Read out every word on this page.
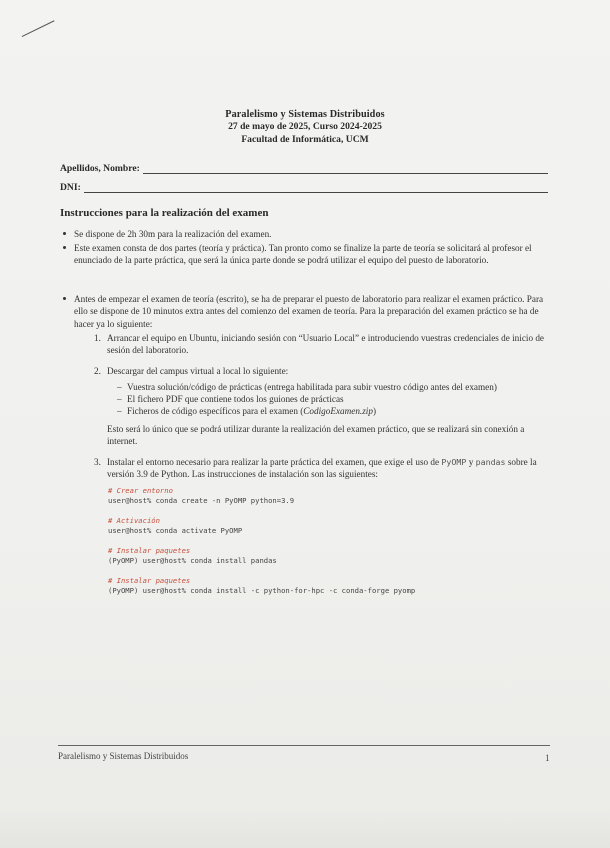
Paralelismo y Sistemas Distribuidos
27 de mayo de 2025, Curso 2024-2025
Facultad de Informática, UCM
Apellidos, Nombre:
DNI:
Instrucciones para la realización del examen

Se dispone de 2h 30m para la realización del examen.

Este examen consta de dos partes (teoría y práctica). Tan pronto como se finalize la parte de teoría se solicitará al profesor el enunciado de la parte práctica, que será la única parte donde se podrá utilizar el equipo del puesto de laboratorio.

Antes de empezar el examen de teoría (escrito), se ha de preparar el puesto de laboratorio para realizar el examen práctico. Para ello se dispone de 10 minutos extra antes del comienzo del examen de teoría. Para la preparación del examen práctico se ha de hacer ya lo siguiente:

1. Arrancar el equipo en Ubuntu, iniciando sesión con “Usuario Local” e introduciendo vuestras credenciales de inicio de sesión del laboratorio.

2. Descargar del campus virtual a local lo siguiente:

– Vuestra solución/código de prácticas (entrega habilitada para subir vuestro código antes del examen)
– El fichero PDF que contiene todos los guiones de prácticas
– Ficheros de código específicos para el examen (CodigoExamen.zip)

Esto será lo único que se podrá utilizar durante la realización del examen práctico, que se realizará sin conexión a internet.

3. Instalar el entorno necesario para realizar la parte práctica del examen, que exige el uso de PyOMP y pandas sobre la versión 3.9 de Python. Las instrucciones de instalación son las siguientes:

# Crear entorno
user@host% conda create -n PyOMP python=3.9
# Activación
user@host% conda activate PyOMP
# Instalar paquetes
(PyOMP) user@host% conda install pandas
# Instalar paquetes
(PyOMP) user@host% conda install -c python-for-hpc -c conda-forge pyomp
Paralelismo y Sistemas Distribuidos	1
